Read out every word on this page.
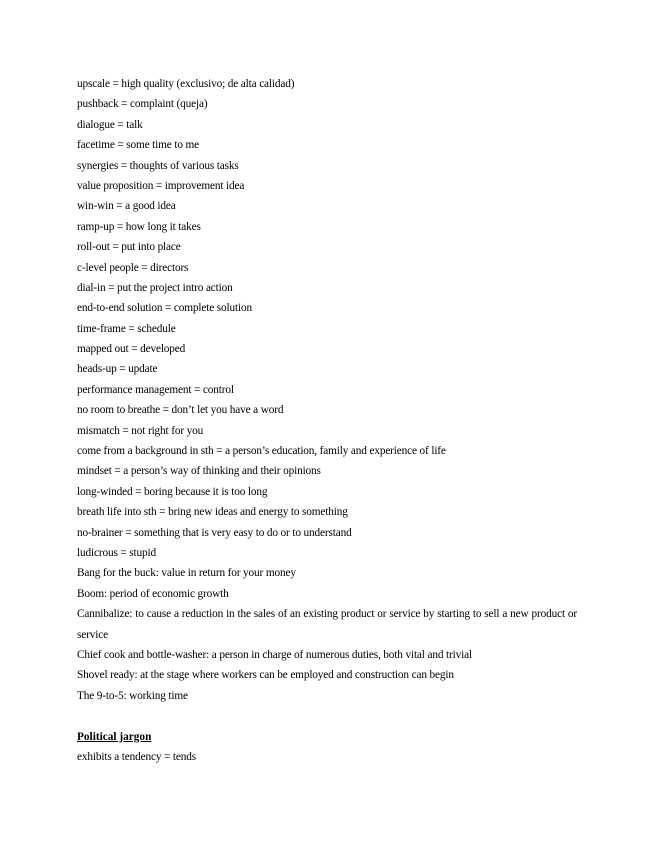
upscale = high quality (exclusivo; de alta calidad)
pushback = complaint (queja)
dialogue = talk
facetime = some time to me
synergies = thoughts of various tasks
value proposition = improvement idea
win-win = a good idea
ramp-up = how long it takes
roll-out = put into place
c-level people = directors
dial-in = put the project intro action
end-to-end solution = complete solution
time-frame = schedule
mapped out = developed
heads-up = update
performance management = control
no room to breathe = don’t let you have a word
mismatch = not right for you
come from a background in sth = a person’s education, family and experience of life
mindset = a person’s way of thinking and their opinions
long-winded = boring because it is too long
breath life into sth = bring new ideas and energy to something
no-brainer = something that is very easy to do or to understand
ludicrous = stupid
Bang for the buck: value in return for your money
Boom: period of economic growth
Cannibalize: to cause a reduction in the sales of an existing product or service by starting to sell a new product or service
Chief cook and bottle-washer: a person in charge of numerous duties, both vital and trivial
Shovel ready: at the stage where workers can be employed and construction can begin
The 9-to-5: working time
Political jargon
exhibits a tendency = tends
